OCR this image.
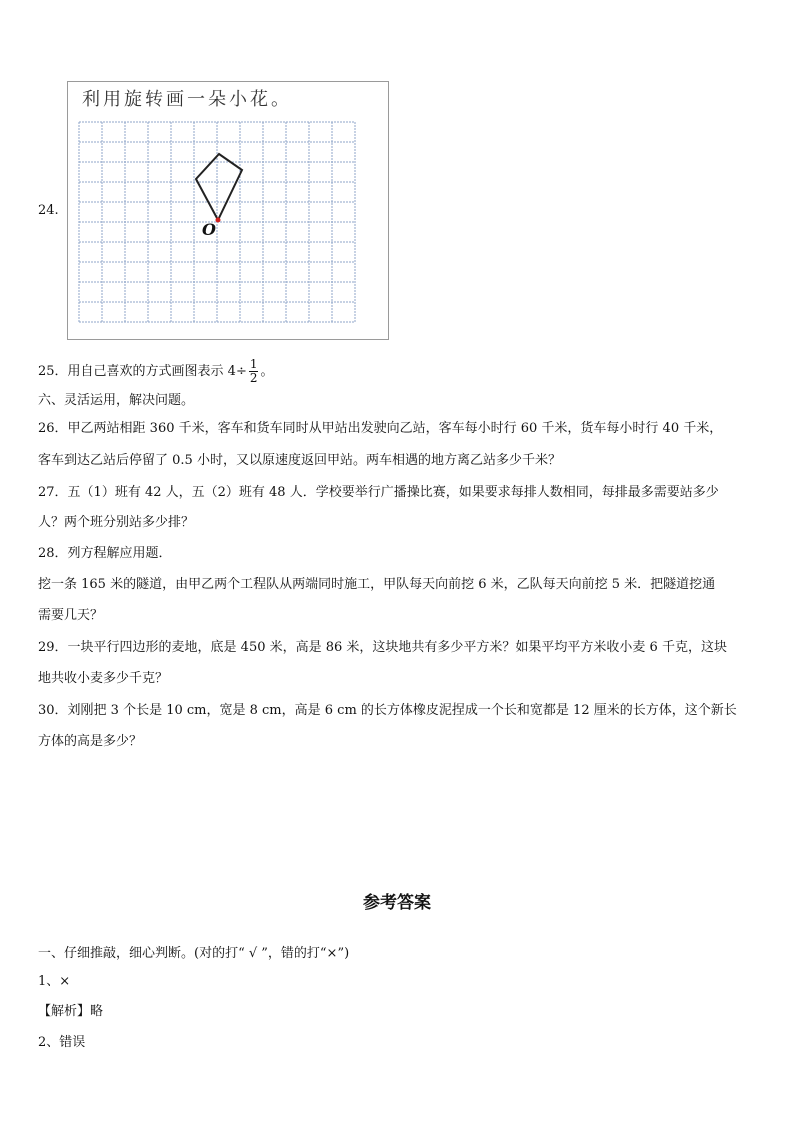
24.
利用旋转画一朵小花。
O
25．用自己喜欢的方式画图表示 $4\div \frac{1}{2}$ 。
六、灵活运用，解决问题。
26．甲乙两站相距 360 千米，客车和货车同时从甲站出发驶向乙站，客车每小时行 60 千米，货车每小时行 40 千米，
客车到达乙站后停留了 0.5 小时，又以原速度返回甲站。两车相遇的地方离乙站多少千米？
27．五（1）班有 42 人，五（2）班有 48 人．学校要举行广播操比赛，如果要求每排人数相同，每排最多需要站多少
人？两个班分别站多少排？
28．列方程解应用题．
挖一条 165 米的隧道，由甲乙两个工程队从两端同时施工，甲队每天向前挖 6 米，乙队每天向前挖 5 米．把隧道挖通
需要几天？
29．一块平行四边形的麦地，底是 450 米，高是 86 米，这块地共有多少平方米？如果平均平方米收小麦 6 千克，这块
地共收小麦多少千克？
30．刘刚把 3 个长是 10 cm，宽是 8 cm，高是 6 cm 的长方体橡皮泥捏成一个长和宽都是 12 厘米的长方体，这个新长
方体的高是多少？
参考答案
一、仔细推敲，细心判断。(对的打“ √ ”，错的打“×”)
1、×
【解析】略
2、错误
